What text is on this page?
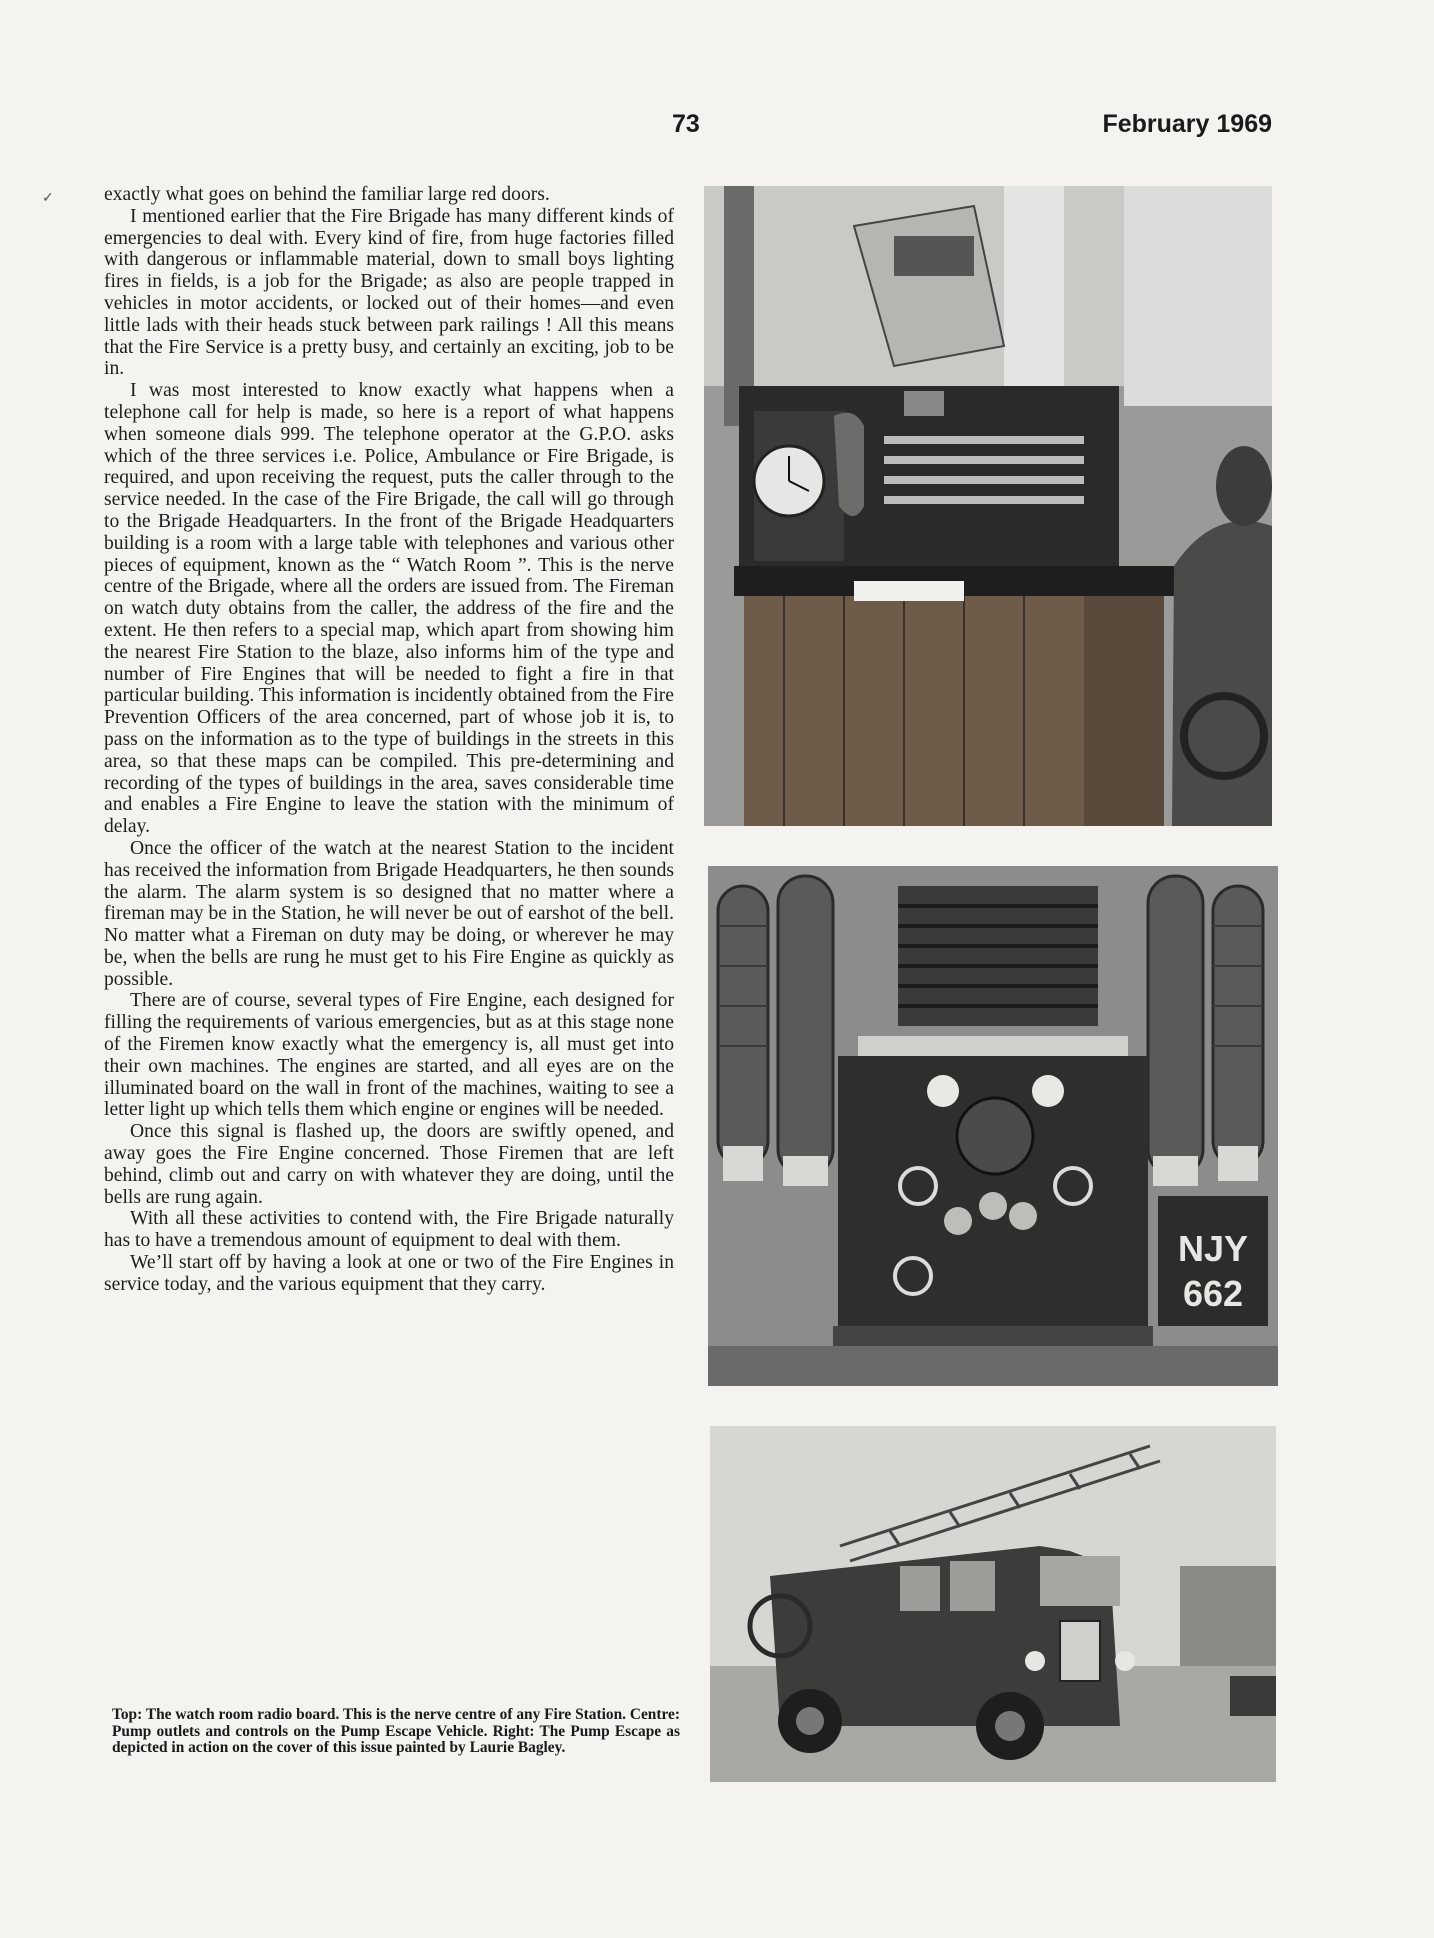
73	February 1969
✓	exactly what goes on behind the familiar large red doors.

I mentioned earlier that the Fire Brigade has many different kinds of emergencies to deal with. Every kind of fire, from huge factories filled with dangerous or inflammable material, down to small boys lighting fires in fields, is a job for the Brigade; as also are people trapped in vehicles in motor accidents, or locked out of their homes—and even little lads with their heads stuck between park railings ! All this means that the Fire Service is a pretty busy, and certainly an exciting, job to be in.

I was most interested to know exactly what happens when a telephone call for help is made, so here is a report of what happens when someone dials 999. The telephone operator at the G.P.O. asks which of the three services i.e. Police, Ambulance or Fire Brigade, is required, and upon receiving the request, puts the caller through to the service needed. In the case of the Fire Brigade, the call will go through to the Brigade Headquarters. In the front of the Brigade Headquarters building is a room with a large table with telephones and various other pieces of equipment, known as the “ Watch Room ”. This is the nerve centre of the Brigade, where all the orders are issued from. The Fireman on watch duty obtains from the caller, the address of the fire and the extent. He then refers to a special map, which apart from showing him the nearest Fire Station to the blaze, also informs him of the type and number of Fire Engines that will be needed to fight a fire in that particular building. This information is incidently obtained from the Fire Prevention Officers of the area concerned, part of whose job it is, to pass on the information as to the type of buildings in the streets in this area, so that these maps can be compiled. This pre-determining and recording of the types of buildings in the area, saves considerable time and enables a Fire Engine to leave the station with the minimum of delay.

Once the officer of the watch at the nearest Station to the incident has received the information from Brigade Headquarters, he then sounds the alarm. The alarm system is so designed that no matter where a fireman may be in the Station, he will never be out of earshot of the bell. No matter what a Fireman on duty may be doing, or wherever he may be, when the bells are rung he must get to his Fire Engine as quickly as possible.

There are of course, several types of Fire Engine, each designed for filling the requirements of various emergencies, but as at this stage none of the Firemen know exactly what the emergency is, all must get into their own machines. The engines are started, and all eyes are on the illuminated board on the wall in front of the machines, waiting to see a letter light up which tells them which engine or engines will be needed.

Once this signal is flashed up, the doors are swiftly opened, and away goes the Fire Engine concerned. Those Firemen that are left behind, climb out and carry on with whatever they are doing, until the bells are rung again.

With all these activities to contend with, the Fire Brigade naturally has to have a tremendous amount of equipment to deal with them.

We’ll start off by having a look at one or two of the Fire Engines in service today, and the various equipment that they carry.

Top: The watch room radio board. This is the nerve centre of any Fire Station. Centre: Pump outlets and controls on the Pump Escape Vehicle. Right: The Pump Escape as depicted in action on the cover of this issue painted by Laurie Bagley.
NJY
662
